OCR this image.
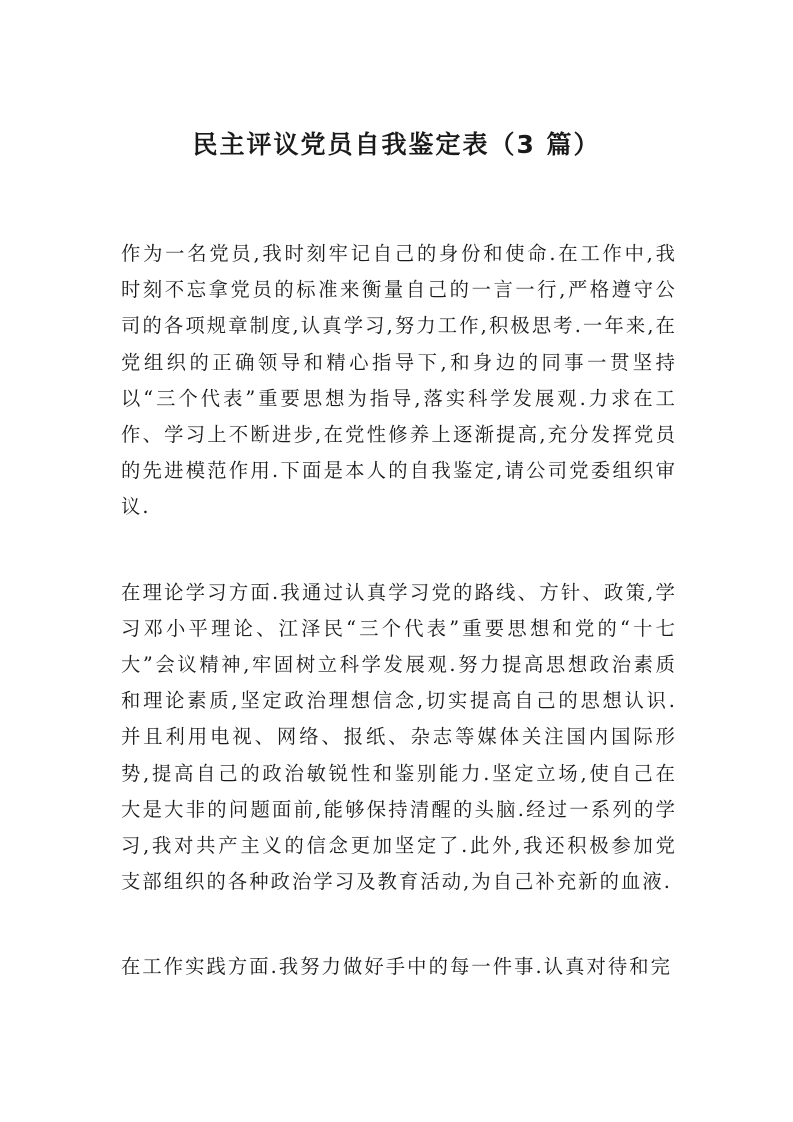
民主评议党员自我鉴定表（3 篇）

作为一名党员,我时刻牢记自己的身份和使命.在工作中,我时刻不忘拿党员的标准来衡量自己的一言一行,严格遵守公司的各项规章制度,认真学习,努力工作,积极思考.一年来,在党组织的正确领导和精心指导下,和身边的同事一贯坚持以“三个代表”重要思想为指导,落实科学发展观.力求在工作、学习上不断进步,在党性修养上逐渐提高,充分发挥党员的先进模范作用.下面是本人的自我鉴定,请公司党委组织审议.

在理论学习方面.我通过认真学习党的路线、方针、政策,学习邓小平理论、江泽民“三个代表”重要思想和党的“十七大”会议精神,牢固树立科学发展观.努力提高思想政治素质和理论素质,坚定政治理想信念,切实提高自己的思想认识.并且利用电视、网络、报纸、杂志等媒体关注国内国际形势,提高自己的政治敏锐性和鉴别能力.坚定立场,使自己在大是大非的问题面前,能够保持清醒的头脑.经过一系列的学习,我对共产主义的信念更加坚定了.此外,我还积极参加党支部组织的各种政治学习及教育活动,为自己补充新的血液.

在工作实践方面.我努力做好手中的每一件事.认真对待和完
